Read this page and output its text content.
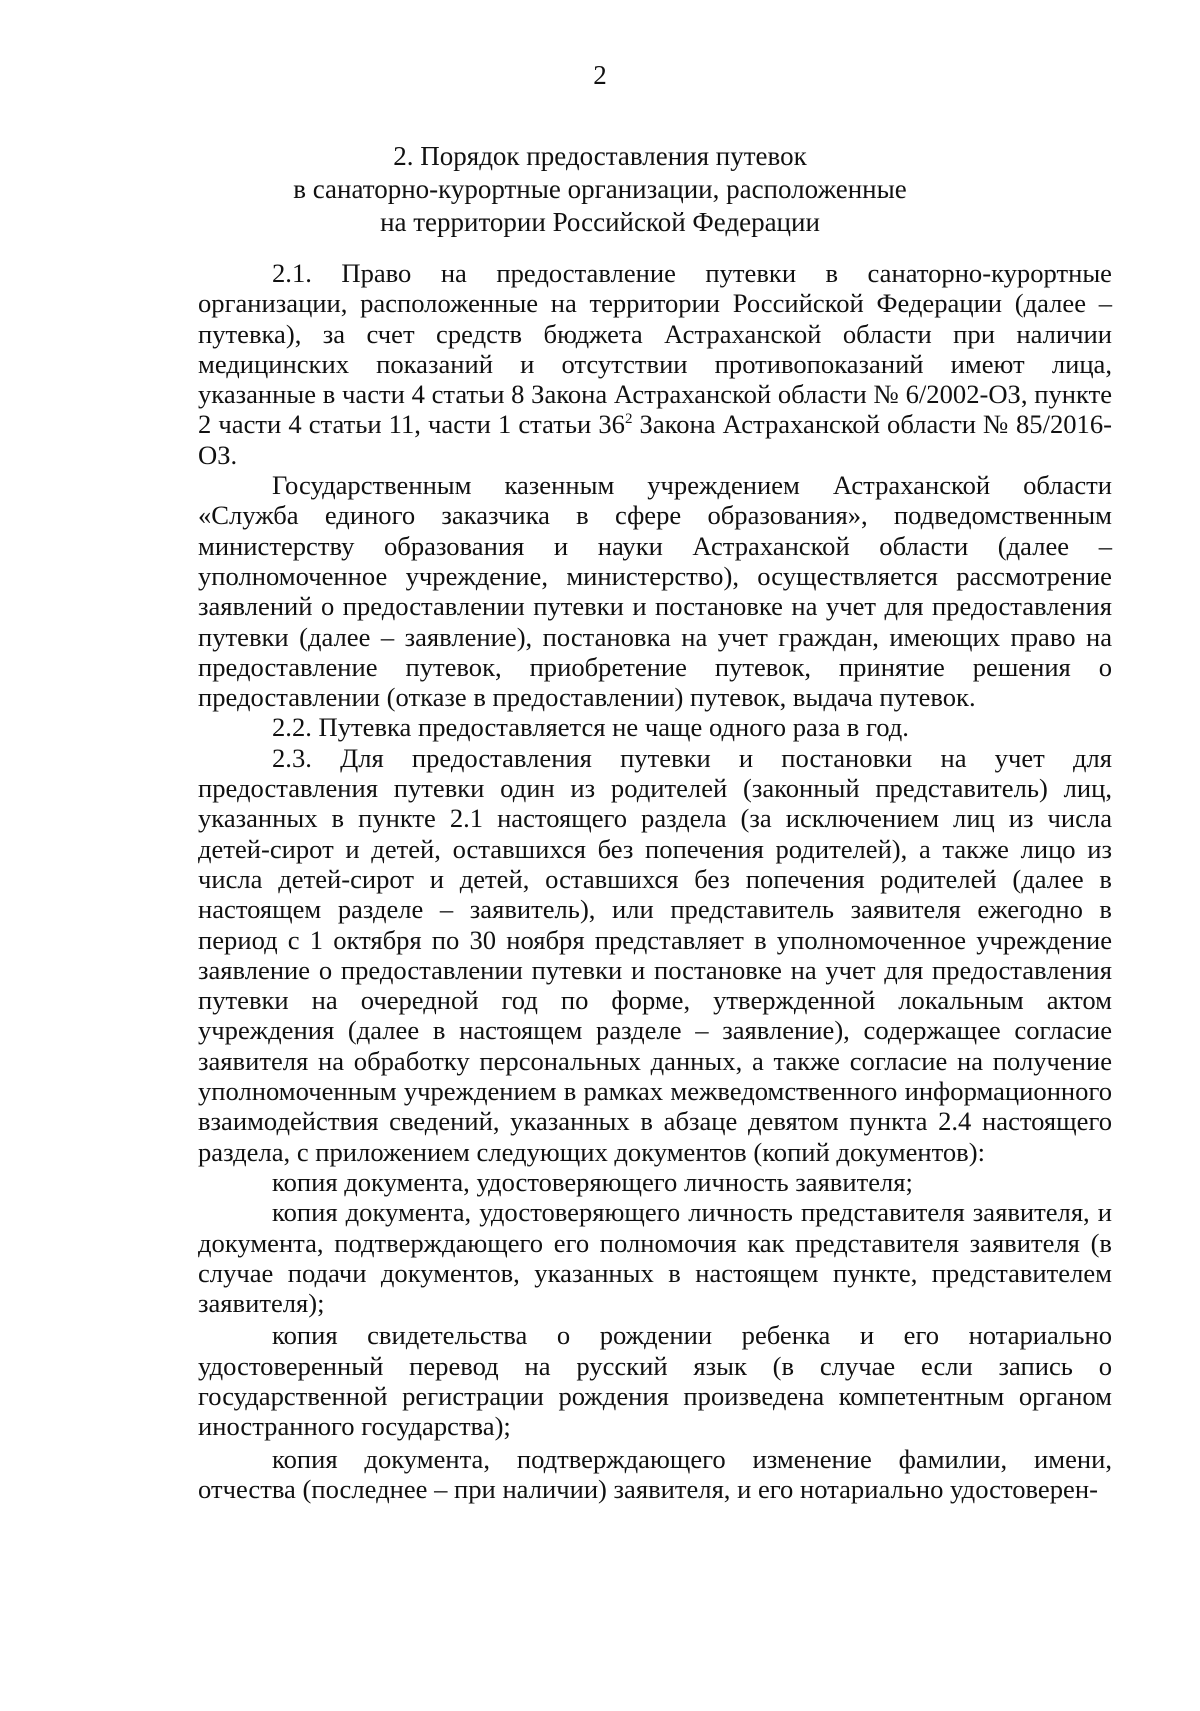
2
2. Порядок предоставления путевок
в санаторно-курортные организации, расположенные
на территории Российской Федерации

2.1. Право на предоставление путевки в санаторно-курортные организации, расположенные на территории Российской Федерации (далее – путевка), за счет средств бюджета Астраханской области при наличии медицинских показаний и отсутствии противопоказаний имеют лица, указанные в части 4 статьи 8 Закона Астраханской области № 6/2002-ОЗ, пункте 2 части 4 статьи 11, части 1 статьи $36^2$ Закона Астраханской области № 85/2016-ОЗ.

Государственным казенным учреждением Астраханской области «Служба единого заказчика в сфере образования», подведомственным министерству образования и науки Астраханской области (далее – уполномоченное учреждение, министерство), осуществляется рассмотрение заявлений о предоставлении путевки и постановке на учет для предоставления путевки (далее – заявление), постановка на учет граждан, имеющих право на предоставление путевок, приобретение путевок, принятие решения о предоставлении (отказе в предоставлении) путевок, выдача путевок.

2.2. Путевка предоставляется не чаще одного раза в год.

2.3. Для предоставления путевки и постановки на учет для предоставления путевки один из родителей (законный представитель) лиц, указанных в пункте 2.1 настоящего раздела (за исключением лиц из числа детей-сирот и детей, оставшихся без попечения родителей), а также лицо из числа детей-сирот и детей, оставшихся без попечения родителей (далее в настоящем разделе – заявитель), или представитель заявителя ежегодно в период с 1 октября по 30 ноября представляет в уполномоченное учреждение заявление о предоставлении путевки и постановке на учет для предоставления путевки на очередной год по форме, утвержденной локальным актом учреждения (далее в настоящем разделе – заявление), содержащее согласие заявителя на обработку персональных данных, а также согласие на получение уполномоченным учреждением в рамках межведомственного информационного взаимодействия сведений, указанных в абзаце девятом пункта 2.4 настоящего раздела, с приложением следующих документов (копий документов):

копия документа, удостоверяющего личность заявителя;

копия документа, удостоверяющего личность представителя заявителя, и документа, подтверждающего его полномочия как представителя заявителя (в случае подачи документов, указанных в настоящем пункте, представителем заявителя);

копия свидетельства о рождении ребенка и его нотариально удостоверенный перевод на русский язык (в случае если запись о государственной регистрации рождения произведена компетентным органом иностранного государства);

копия документа, подтверждающего изменение фамилии, имени, отчества (последнее – при наличии) заявителя, и его нотариально удостоверен-
